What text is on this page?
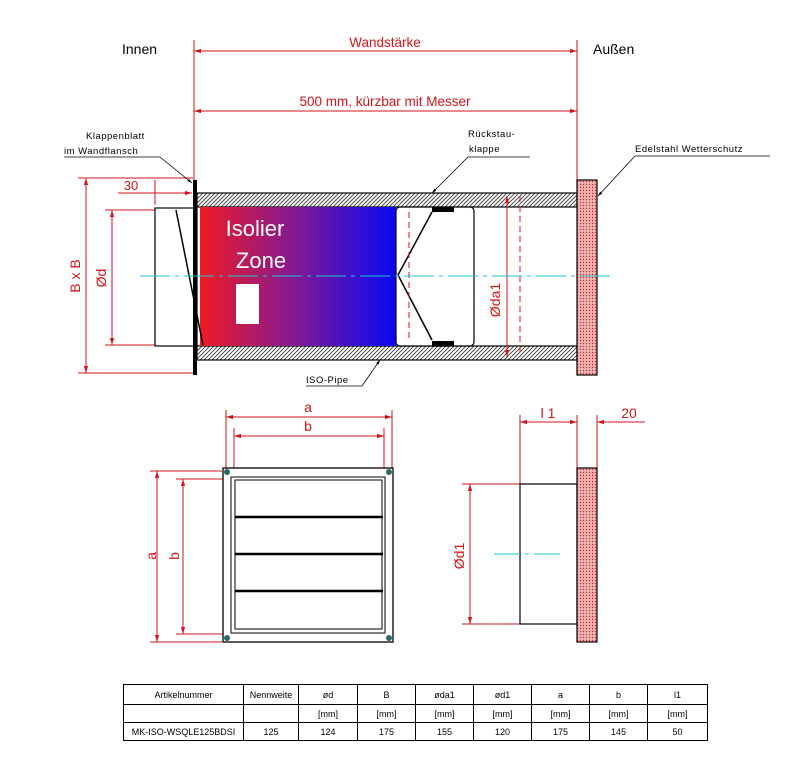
Innen	Außen
Wandstärke
500 mm, kürzbar mit Messer
30
B x B Ød
Isolier
Zone
Øda1
Klappenblatt
im Wandflansch
Rückstau-
klappe	Edelstahl Wetterschutz
ISO-Pipe
a
b
a b
l 1	20
Ød1
Artikelnummer	Nennweite	ød	B	øda1	ød1	a	b	l1
		[mm]	[mm]	[mm]	[mm]	[mm]	[mm]	[mm]
MK-ISO-WSQLE125BDSI	125	124	175	155	120	175	145	50
